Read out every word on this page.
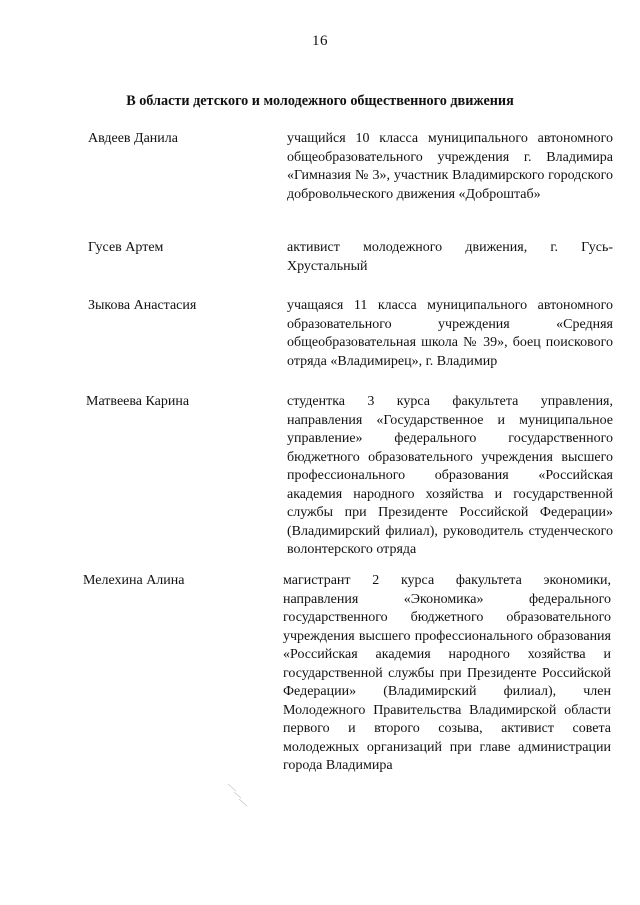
16
В области детского и молодежного общественного движения
Авдеев Данила	учащийся 10 класса муниципального автономного общеобразовательного учреждения г. Владимира «Гимназия № 3», участник Владимирского городского добровольческого движения «Доброштаб»
Гусев Артем	активист молодежного движения, г. Гусь-Хрустальный
Зыкова Анастасия	учащаяся 11 класса муниципального автономного образовательного учреждения «Средняя общеобразовательная школа № 39», боец поискового отряда «Владимирец», г. Владимир
Матвеева Карина	студентка 3 курса факультета управления, направления «Государственное и муниципальное управление» федерального государственного бюджетного образовательного учреждения высшего профессионального образования «Российская академия народного хозяйства и государственной службы при Президенте Российской Федерации» (Владимирский филиал), руководитель студенческого волонтерского отряда
Мелехина Алина	магистрант 2 курса факультета экономики, направления «Экономика» федерального государственного бюджетного образовательного учреждения высшего профессионального образования «Российская академия народного хозяйства и государственной службы при Президенте Российской Федерации» (Владимирский филиал), член Молодежного Правительства Владимирской области первого и второго созыва, активист совета молодежных организаций при главе администрации города Владимира
